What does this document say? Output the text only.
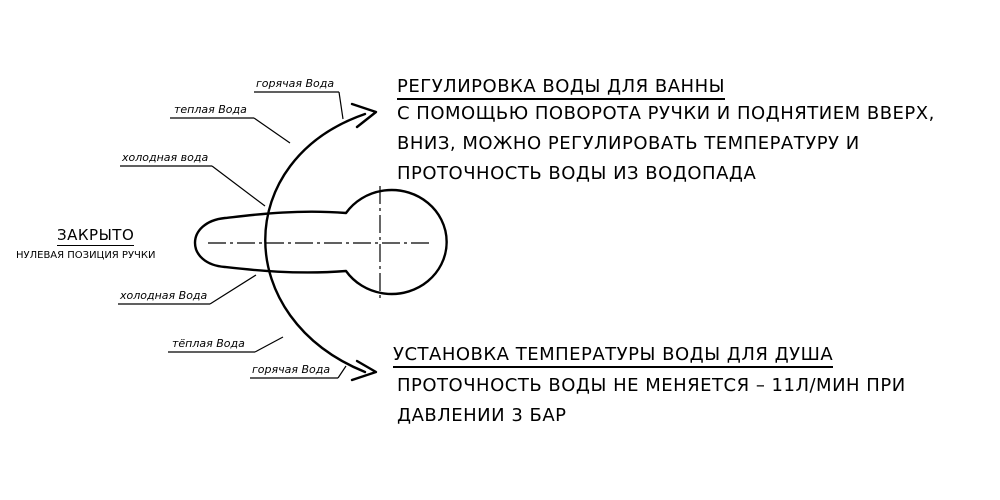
ЗАКРЫТО
НУЛЕВАЯ ПОЗИЦИЯ РУЧКИ
горячая Вода
теплая Вода
холодная вода
холодная Вода
тёплая Вода
горячая Вода
РЕГУЛИРОВКА ВОДЫ ДЛЯ ВАННЫ
С ПОМОЩЬЮ ПОВОРОТА РУЧКИ И ПОДНЯТИЕМ ВВЕРХ,
ВНИЗ, МОЖНО РЕГУЛИРОВАТЬ ТЕМПЕРАТУРУ И
ПРОТОЧНОСТЬ ВОДЫ ИЗ ВОДОПАДА
УСТАНОВКА ТЕМПЕРАТУРЫ ВОДЫ ДЛЯ ДУША
ПРОТОЧНОСТЬ ВОДЫ НЕ МЕНЯЕТСЯ – 11Л/МИН ПРИ
ДАВЛЕНИИ 3 БАР
